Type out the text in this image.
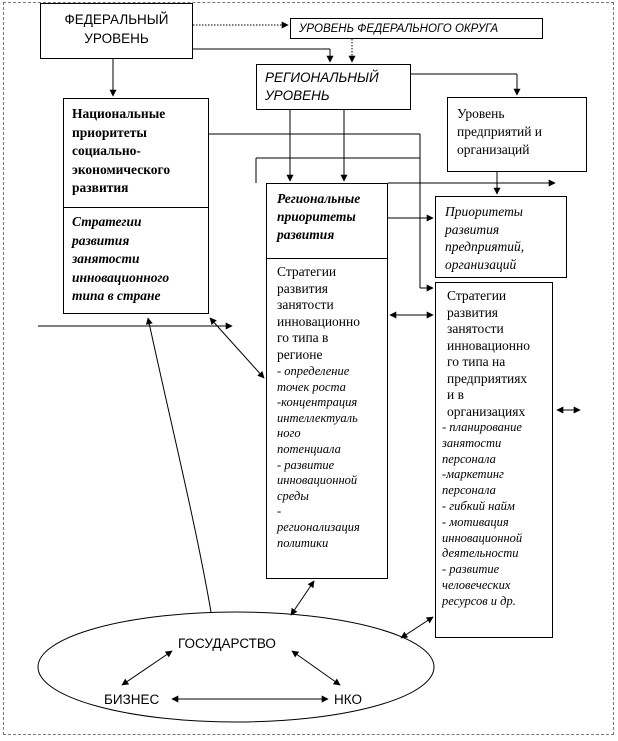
ФЕДЕРАЛЬНЫЙ
УРОВЕНЬ
УРОВЕНЬ ФЕДЕРАЛЬНОГО ОКРУГА
РЕГИОНАЛЬНЫЙ
УРОВЕНЬ
Уровень
предприятий и
организаций
Национальные
приоритеты
социально-
экономического
развития
Стратегии
развития
занятости
инновационного
типа в стране
Региональные
приоритеты
развития
Стратегии
развития
занятости
инновационно
го типа в
регионе
- определение
точек роста
-концентрация
интеллектуаль
ного
потенциала
- развитие
инновационной
среды
-
регионализация
политики
Приоритеты
развития
предприятий,
организаций
Стратегии
развития
занятости
инновационно
го типа на
предприятиях
и в
организациях
- планирование
занятости
персонала
-маркетинг
персонала
- гибкий найм
- мотивация
инновационной
деятельности
- развитие
человеческих
ресурсов и др.
ГОСУДАРСТВО
БИЗНЕС	НКО
